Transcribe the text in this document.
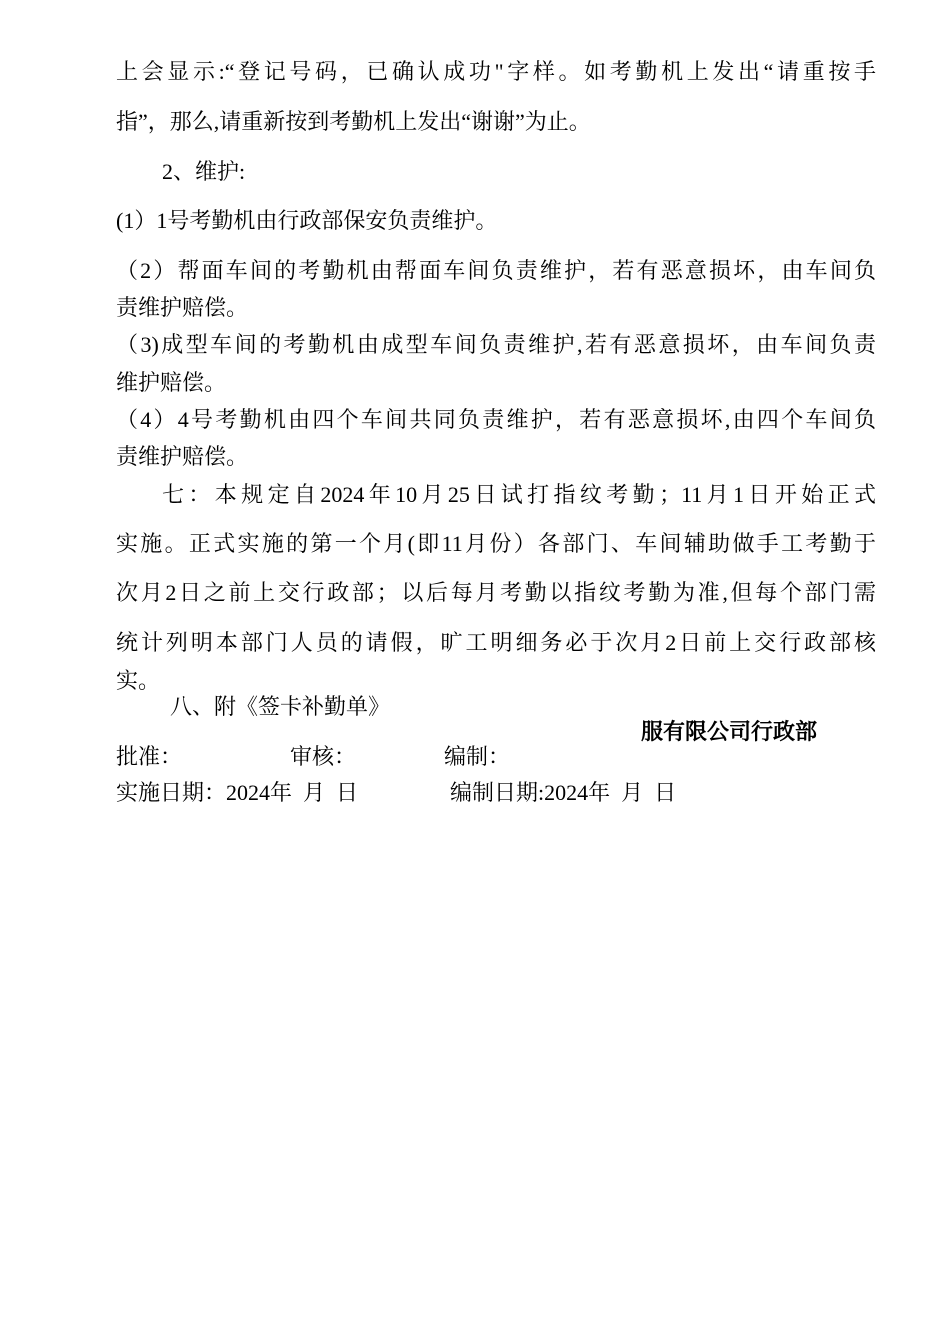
上会显示:“登记号码，已确认成功"字样。如考勤机上发出“请重按手
指”，那么,请重新按到考勤机上发出“谢谢”为止。
2、维护:
(1）1号考勤机由行政部保安负责维护。
（2）帮面车间的考勤机由帮面车间负责维护，若有恶意损坏，由车间负
责维护赔偿。
（3)成型车间的考勤机由成型车间负责维护,若有恶意损坏，由车间负责
维护赔偿。
（4）4号考勤机由四个车间共同负责维护，若有恶意损坏,由四个车间负
责维护赔偿。
七：本规定自2024年10月25日试打指纹考勤；11月1日开始正式
实施。正式实施的第一个月(即11月份）各部门、车间辅助做手工考勤于
次月2日之前上交行政部；以后每月考勤以指纹考勤为准,但每个部门需
统计列明本部门人员的请假，旷工明细务必于次月2日前上交行政部核
实。
八、附《签卡补勤单》
服有限公司行政部
批准：	审核：	编制：
实施日期：2024年  月  日	编制日期:2024年  月  日
